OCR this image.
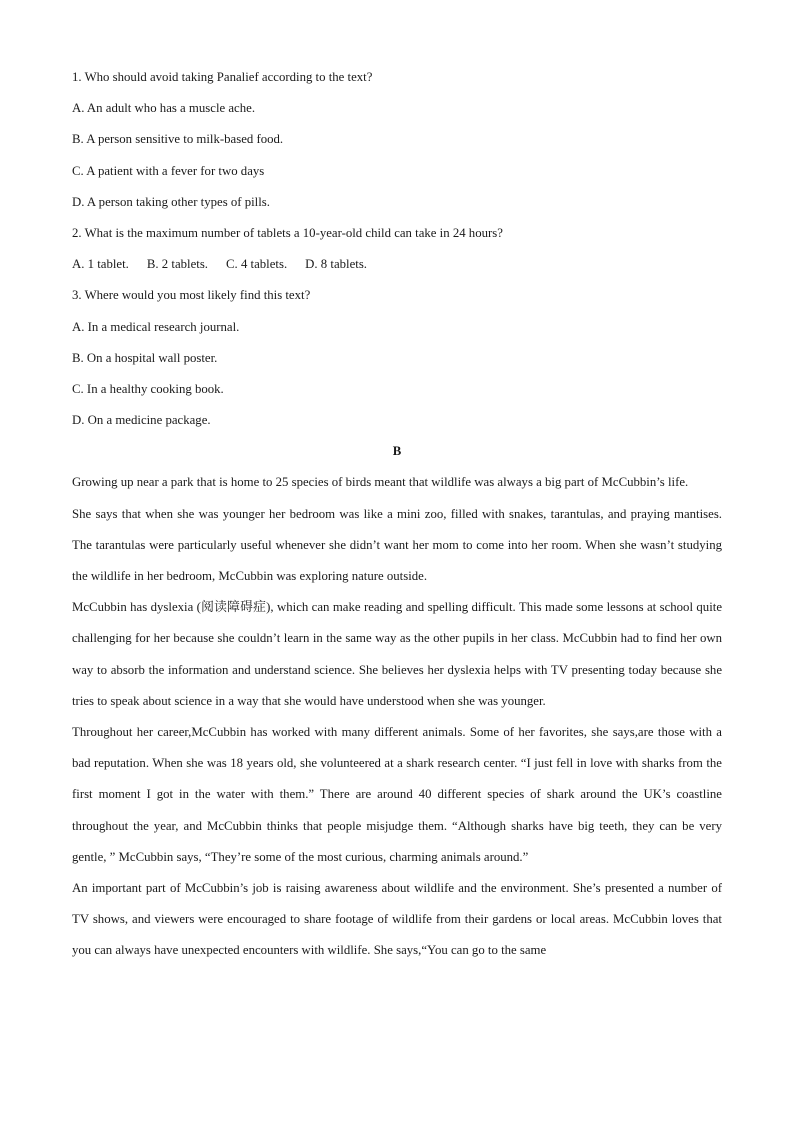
1. Who should avoid taking Panalief according to the text?
A. An adult who has a muscle ache.
B. A person sensitive to milk-based food.
C. A patient with a fever for two days
D. A person taking other types of pills.
2. What is the maximum number of tablets a 10-year-old child can take in 24 hours?
A. 1 tablet. B. 2 tablets. C. 4 tablets. D. 8 tablets.
3. Where would you most likely find this text?
A. In a medical research journal.
B. On a hospital wall poster.
C. In a healthy cooking book.
D. On a medicine package.
B

Growing up near a park that is home to 25 species of birds meant that wildlife was always a big part of McCubbin’s life.

She says that when she was younger her bedroom was like a mini zoo, filled with snakes, tarantulas, and praying mantises. The tarantulas were particularly useful whenever she didn’t want her mom to come into her room. When she wasn’t studying the wildlife in her bedroom, McCubbin was exploring nature outside.

McCubbin has dyslexia (阅读障碍症), which can make reading and spelling difficult. This made some lessons at school quite challenging for her because she couldn’t learn in the same way as the other pupils in her class. McCubbin had to find her own way to absorb the information and understand science. She believes her dyslexia helps with TV presenting today because she tries to speak about science in a way that she would have understood when she was younger.

Throughout her career,McCubbin has worked with many different animals. Some of her favorites, she says,are those with a bad reputation. When she was 18 years old, she volunteered at a shark research center. “I just fell in love with sharks from the first moment I got in the water with them.” There are around 40 different species of shark around the UK’s coastline throughout the year, and McCubbin thinks that people misjudge them. “Although sharks have big teeth, they can be very gentle, ” McCubbin says, “They’re some of the most curious, charming animals around.”

An important part of McCubbin’s job is raising awareness about wildlife and the environment. She’s presented a number of TV shows, and viewers were encouraged to share footage of wildlife from their gardens or local areas. McCubbin loves that you can always have unexpected encounters with wildlife. She says,“You can go to the same
